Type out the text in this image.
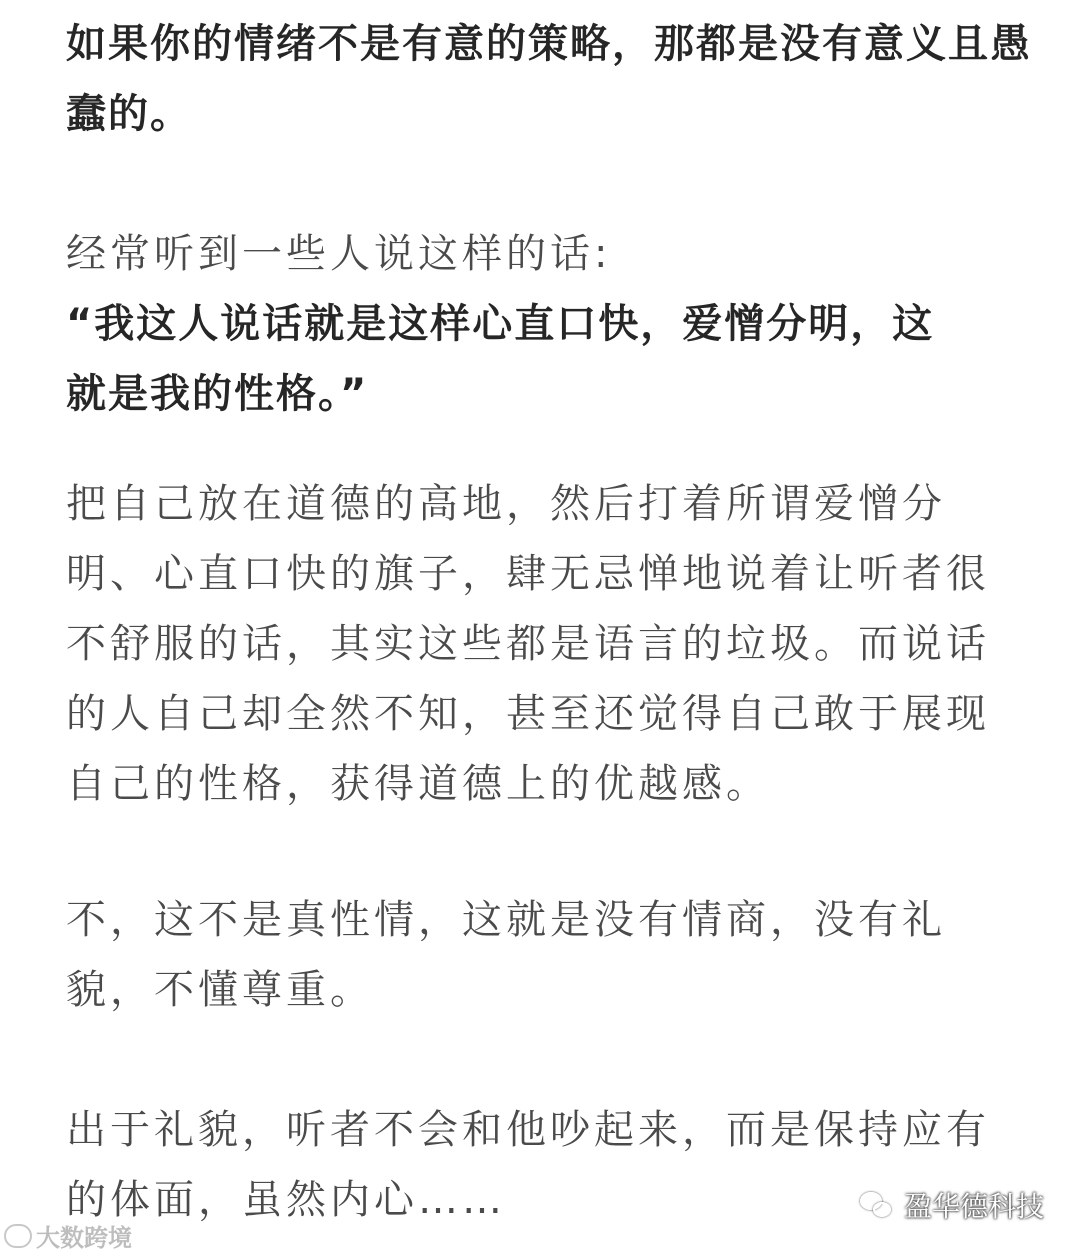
如果你的情绪不是有意的策略，那都是没有意义且愚
蠢的。
经常听到一些人说这样的话:
“我这人说话就是这样心直口快，爱憎分明，这
就是我的性格。”
把自己放在道德的高地，然后打着所谓爱憎分
明、心直口快的旗子，肆无忌惮地说着让听者很
不舒服的话，其实这些都是语言的垃圾。而说话
的人自己却全然不知，甚至还觉得自己敢于展现
自己的性格，获得道德上的优越感。
不，这不是真性情，这就是没有情商，没有礼
貌，不懂尊重。
出于礼貌，听者不会和他吵起来，而是保持应有
的体面，虽然内心……	盈华德科技
大数跨境
